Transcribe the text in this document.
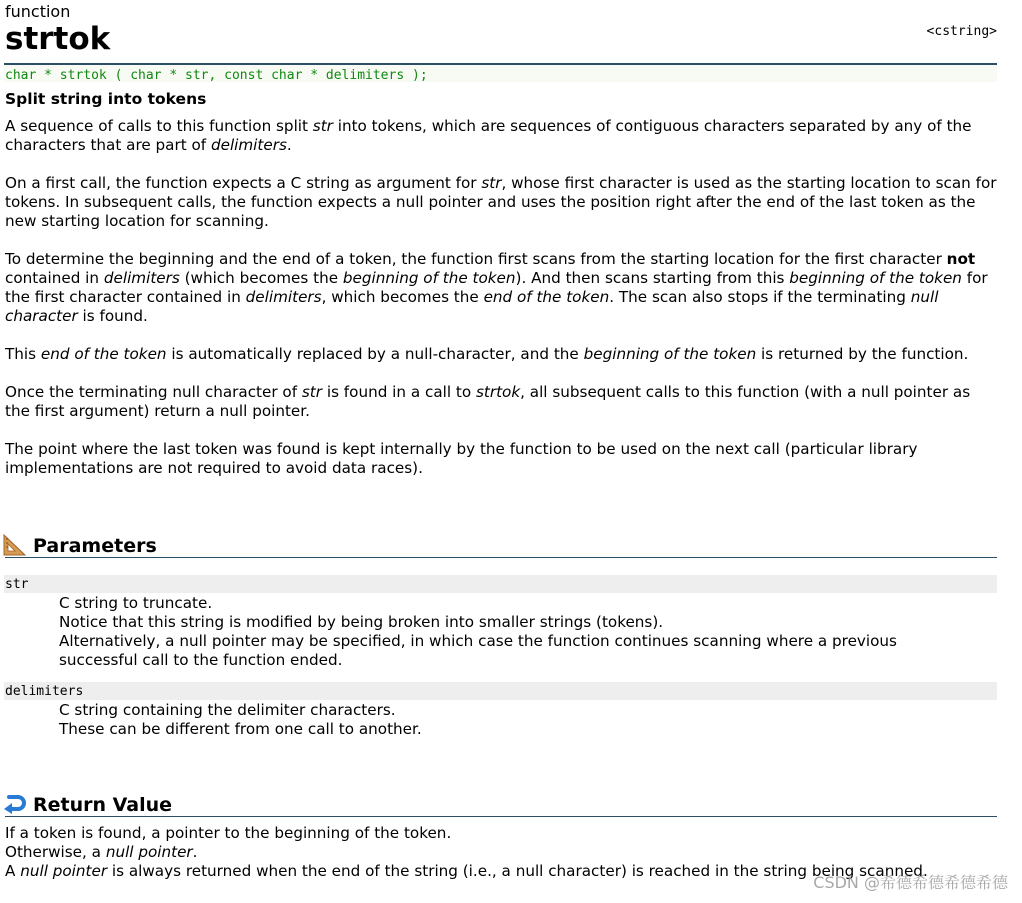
function
strtok	<cstring>
char * strtok ( char * str, const char * delimiters );
Split string into tokens

A sequence of calls to this function split str into tokens, which are sequences of contiguous characters separated by any of the characters that are part of delimiters.

On a first call, the function expects a C string as argument for str, whose first character is used as the starting location to scan for tokens. In subsequent calls, the function expects a null pointer and uses the position right after the end of the last token as the new starting location for scanning.

To determine the beginning and the end of a token, the function first scans from the starting location for the first character not contained in delimiters (which becomes the beginning of the token). And then scans starting from this beginning of the token for the first character contained in delimiters, which becomes the end of the token. The scan also stops if the terminating null character is found.

This end of the token is automatically replaced by a null-character, and the beginning of the token is returned by the function.

Once the terminating null character of str is found in a call to strtok, all subsequent calls to this function (with a null pointer as the first argument) return a null pointer.

The point where the last token was found is kept internally by the function to be used on the next call (particular library implementations are not required to avoid data races).

Parameters
str
C string to truncate.
Notice that this string is modified by being broken into smaller strings (tokens).
Alternatively, a null pointer may be specified, in which case the function continues scanning where a previous successful call to the function ended.
delimiters
C string containing the delimiter characters.
These can be different from one call to another.
Return Value
If a token is found, a pointer to the beginning of the token.
Otherwise, a null pointer.
A null pointer is always returned when the end of the string (i.e., a null character) is reached in the string being scanned.
CSDN @希德希德希德希德
